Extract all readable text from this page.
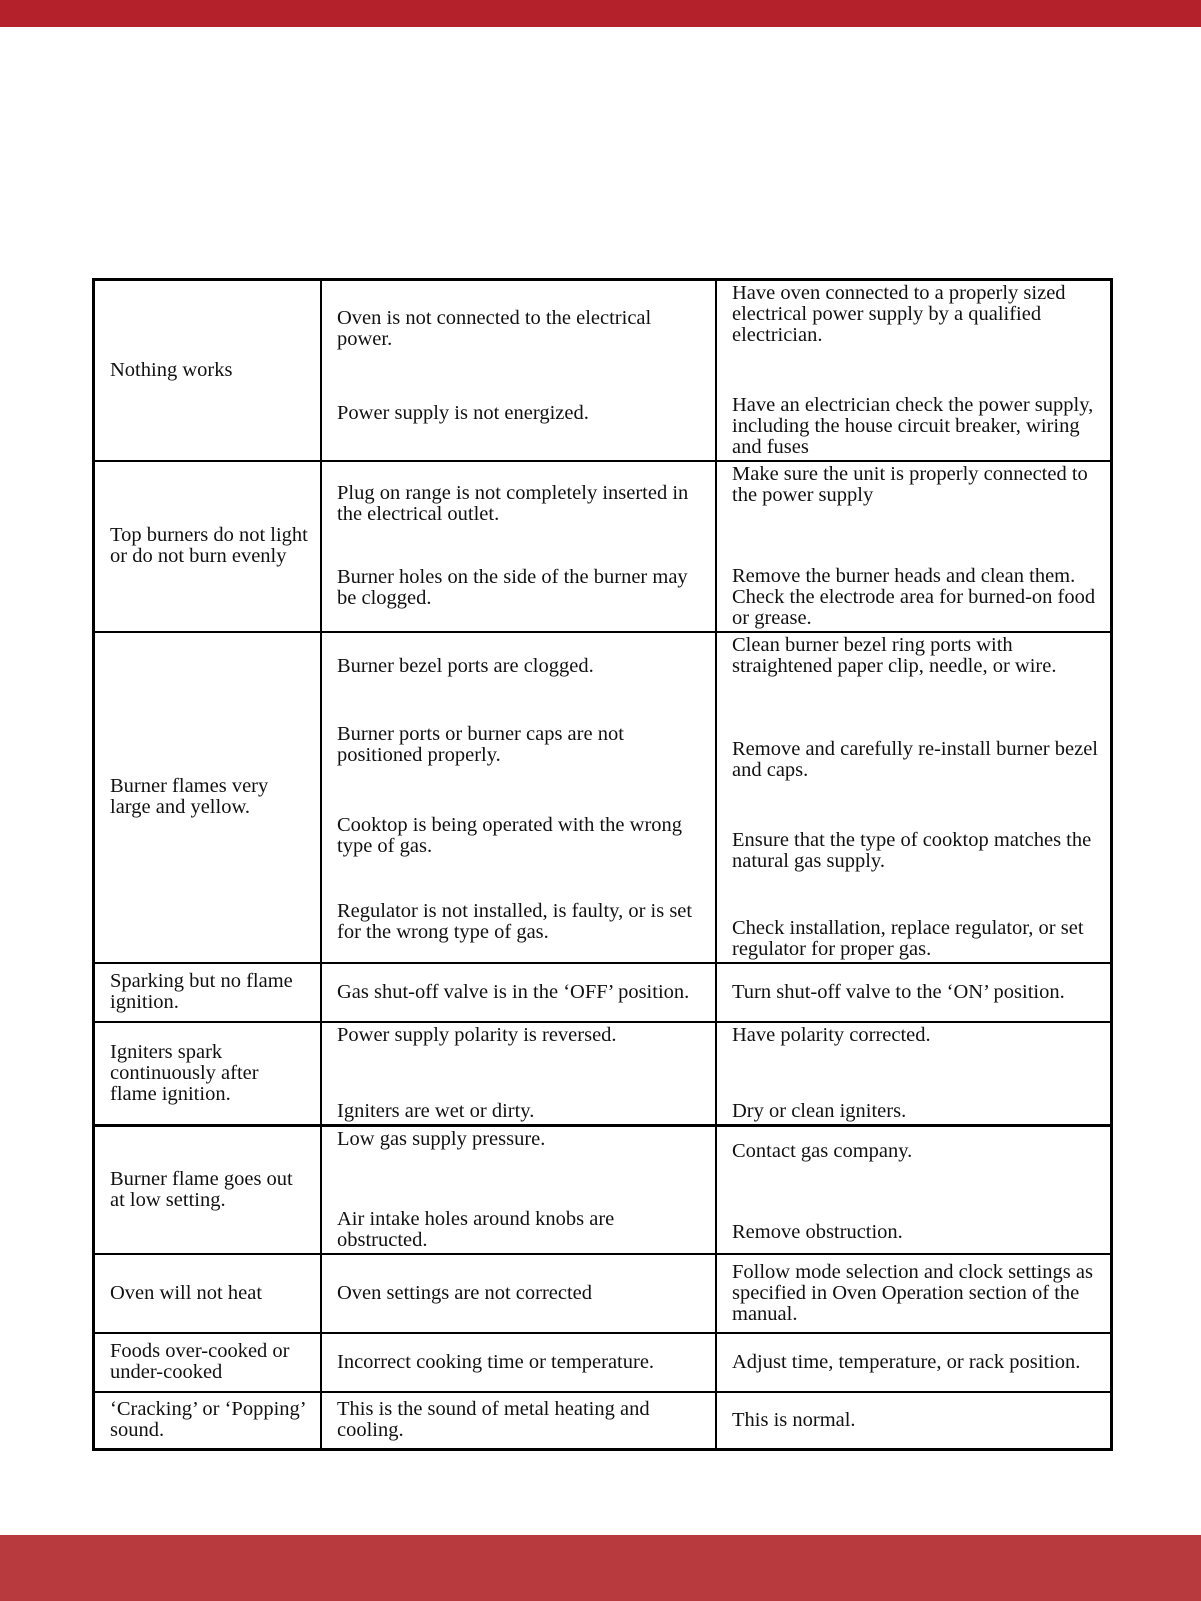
Nothing works	Oven is not connected to the electrical power.	Have oven connected to a properly sized electrical power supply by a qualified electrician.
	Power supply is not energized.	Have an electrician check the power supply, including the house circuit breaker, wiring and fuses
Top burners do not light or do not burn evenly	Plug on range is not completely inserted in the electrical outlet.	Make sure the unit is properly connected to the power supply
	Burner holes on the side of the burner may be clogged.	Remove the burner heads and clean them. Check the electrode area for burned-on food or grease.
Burner flames very large and yellow.	Burner bezel ports are clogged.	Clean burner bezel ring ports with straightened paper clip, needle, or wire.
	Burner ports or burner caps are not positioned properly.	Remove and carefully re-install burner bezel and caps.
	Cooktop is being operated with the wrong type of gas.	Ensure that the type of cooktop matches the natural gas supply.
	Regulator is not installed, is faulty, or is set for the wrong type of gas.	Check installation, replace regulator, or set regulator for proper gas.
Sparking but no flame ignition.	Gas shut-off valve is in the ‘OFF’ position.	Turn shut-off valve to the ‘ON’ position.
Igniters spark continuously after flame ignition.	Power supply polarity is reversed.	Have polarity corrected.
	Igniters are wet or dirty.	Dry or clean igniters.
Burner flame goes out at low setting.	Low gas supply pressure.	Contact gas company.
	Air intake holes around knobs are obstructed.	Remove obstruction.
Oven will not heat	Oven settings are not corrected	Follow mode selection and clock settings as specified in Oven Operation section of the manual.
Foods over-cooked or under-cooked	Incorrect cooking time or temperature.	Adjust time, temperature, or rack position.
‘Cracking’ or ‘Popping’ sound.	This is the sound of metal heating and cooling.	This is normal.
